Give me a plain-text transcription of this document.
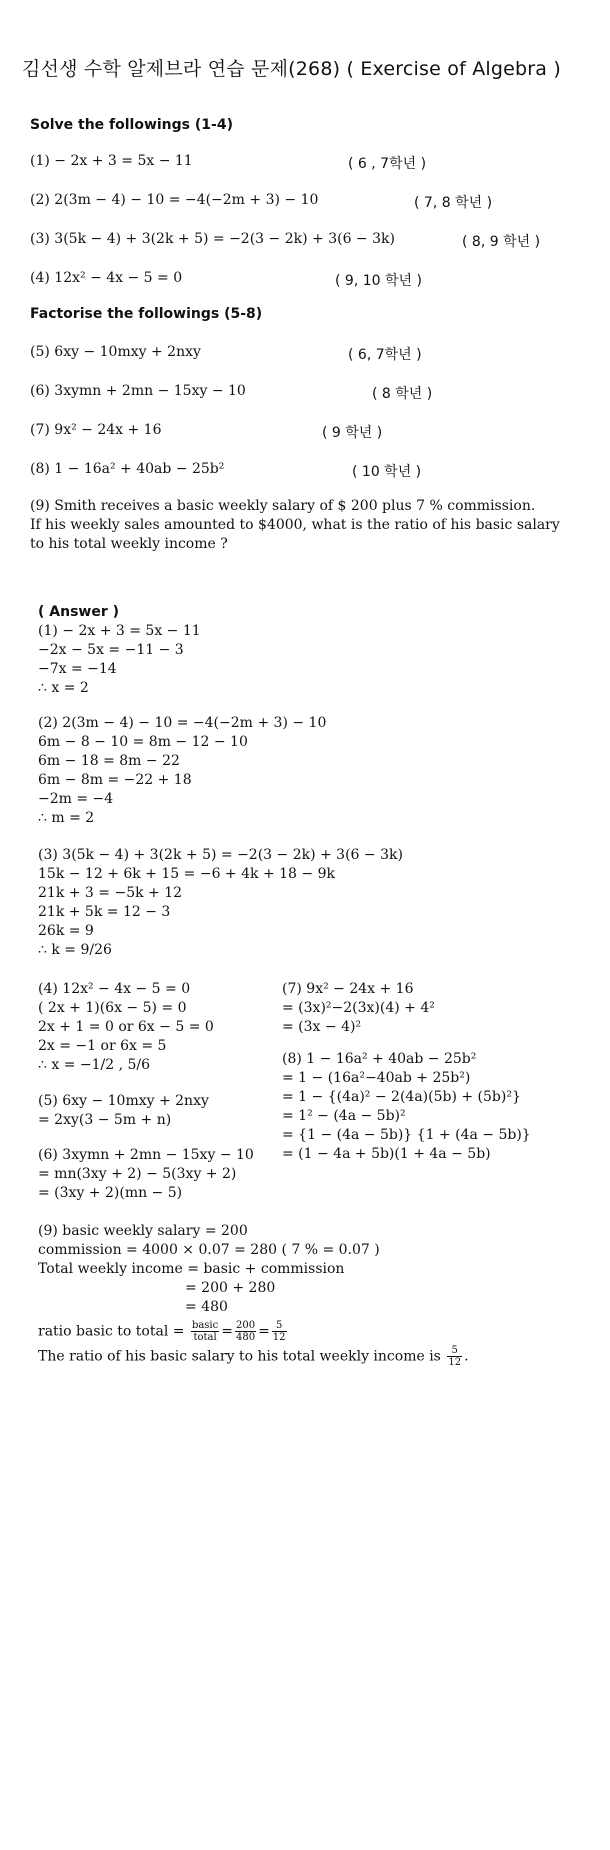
김선생 수학 알제브라 연습 문제(268) ( Exercise of Algebra )
Solve the followings (1-4)
(1) − 2x + 3 = 5x − 11	( 6 , 7학년 )
(2) 2(3m − 4) − 10 = −4(−2m + 3) − 10	( 7, 8 학년 )
(3) 3(5k − 4) + 3(2k + 5) = −2(3 − 2k) + 3(6 − 3k)	( 8, 9 학년 )
(4) 12x² − 4x − 5 = 0	( 9, 10 학년 )
Factorise the followings (5-8)
(5) 6xy − 10mxy + 2nxy	( 6, 7학년 )
(6) 3xymn + 2mn − 15xy − 10	( 8 학년 )
(7) 9x² − 24x + 16	( 9 학년 )
(8) 1 − 16a² + 40ab − 25b²	( 10 학년 )
(9) Smith receives a basic weekly salary of $ 200 plus 7 % commission.
If his weekly sales amounted to $4000, what is the ratio of his basic salary
to his total weekly income ?
( Answer )
(1) − 2x + 3 = 5x − 11
−2x − 5x = −11 − 3
−7x = −14
∴ x = 2
(2) 2(3m − 4) − 10 = −4(−2m + 3) − 10
6m − 8 − 10 = 8m − 12 − 10
6m − 18 = 8m − 22
6m − 8m = −22 + 18
−2m = −4
∴ m = 2
(3) 3(5k − 4) + 3(2k + 5) = −2(3 − 2k) + 3(6 − 3k)
15k − 12 + 6k + 15 = −6 + 4k + 18 − 9k
21k + 3 = −5k + 12
21k + 5k = 12 − 3
26k = 9
∴ k = 9/26
(4) 12x² − 4x − 5 = 0
( 2x + 1)(6x − 5) = 0
2x + 1 = 0 or 6x − 5 = 0
2x = −1 or 6x = 5
∴ x = −1/2 , 5/6
(5) 6xy − 10mxy + 2nxy
= 2xy(3 − 5m + n)
(6) 3xymn + 2mn − 15xy − 10
= mn(3xy + 2) − 5(3xy + 2)
= (3xy + 2)(mn − 5)
(7) 9x² − 24x + 16
= (3x)²−2(3x)(4) + 4²
= (3x − 4)²
(8) 1 − 16a² + 40ab − 25b²
= 1 − (16a²−40ab + 25b²)
= 1 − {(4a)² − 2(4a)(5b) + (5b)²}
= 1² − (4a − 5b)²
= {1 − (4a − 5b)} {1 + (4a − 5b)}
= (1 − 4a + 5b)(1 + 4a − 5b)
(9) basic weekly salary = 200
commission = 4000 × 0.07 = 280 ( 7 % = 0.07 )
Total weekly income = basic + commission
= 200 + 280
= 480
ratio basic to total = $\frac{\text{basic}}{\text{total}} = \frac{200}{480} = \frac{5}{12}$
The ratio of his basic salary to his total weekly income is $\frac{5}{12}$ .
